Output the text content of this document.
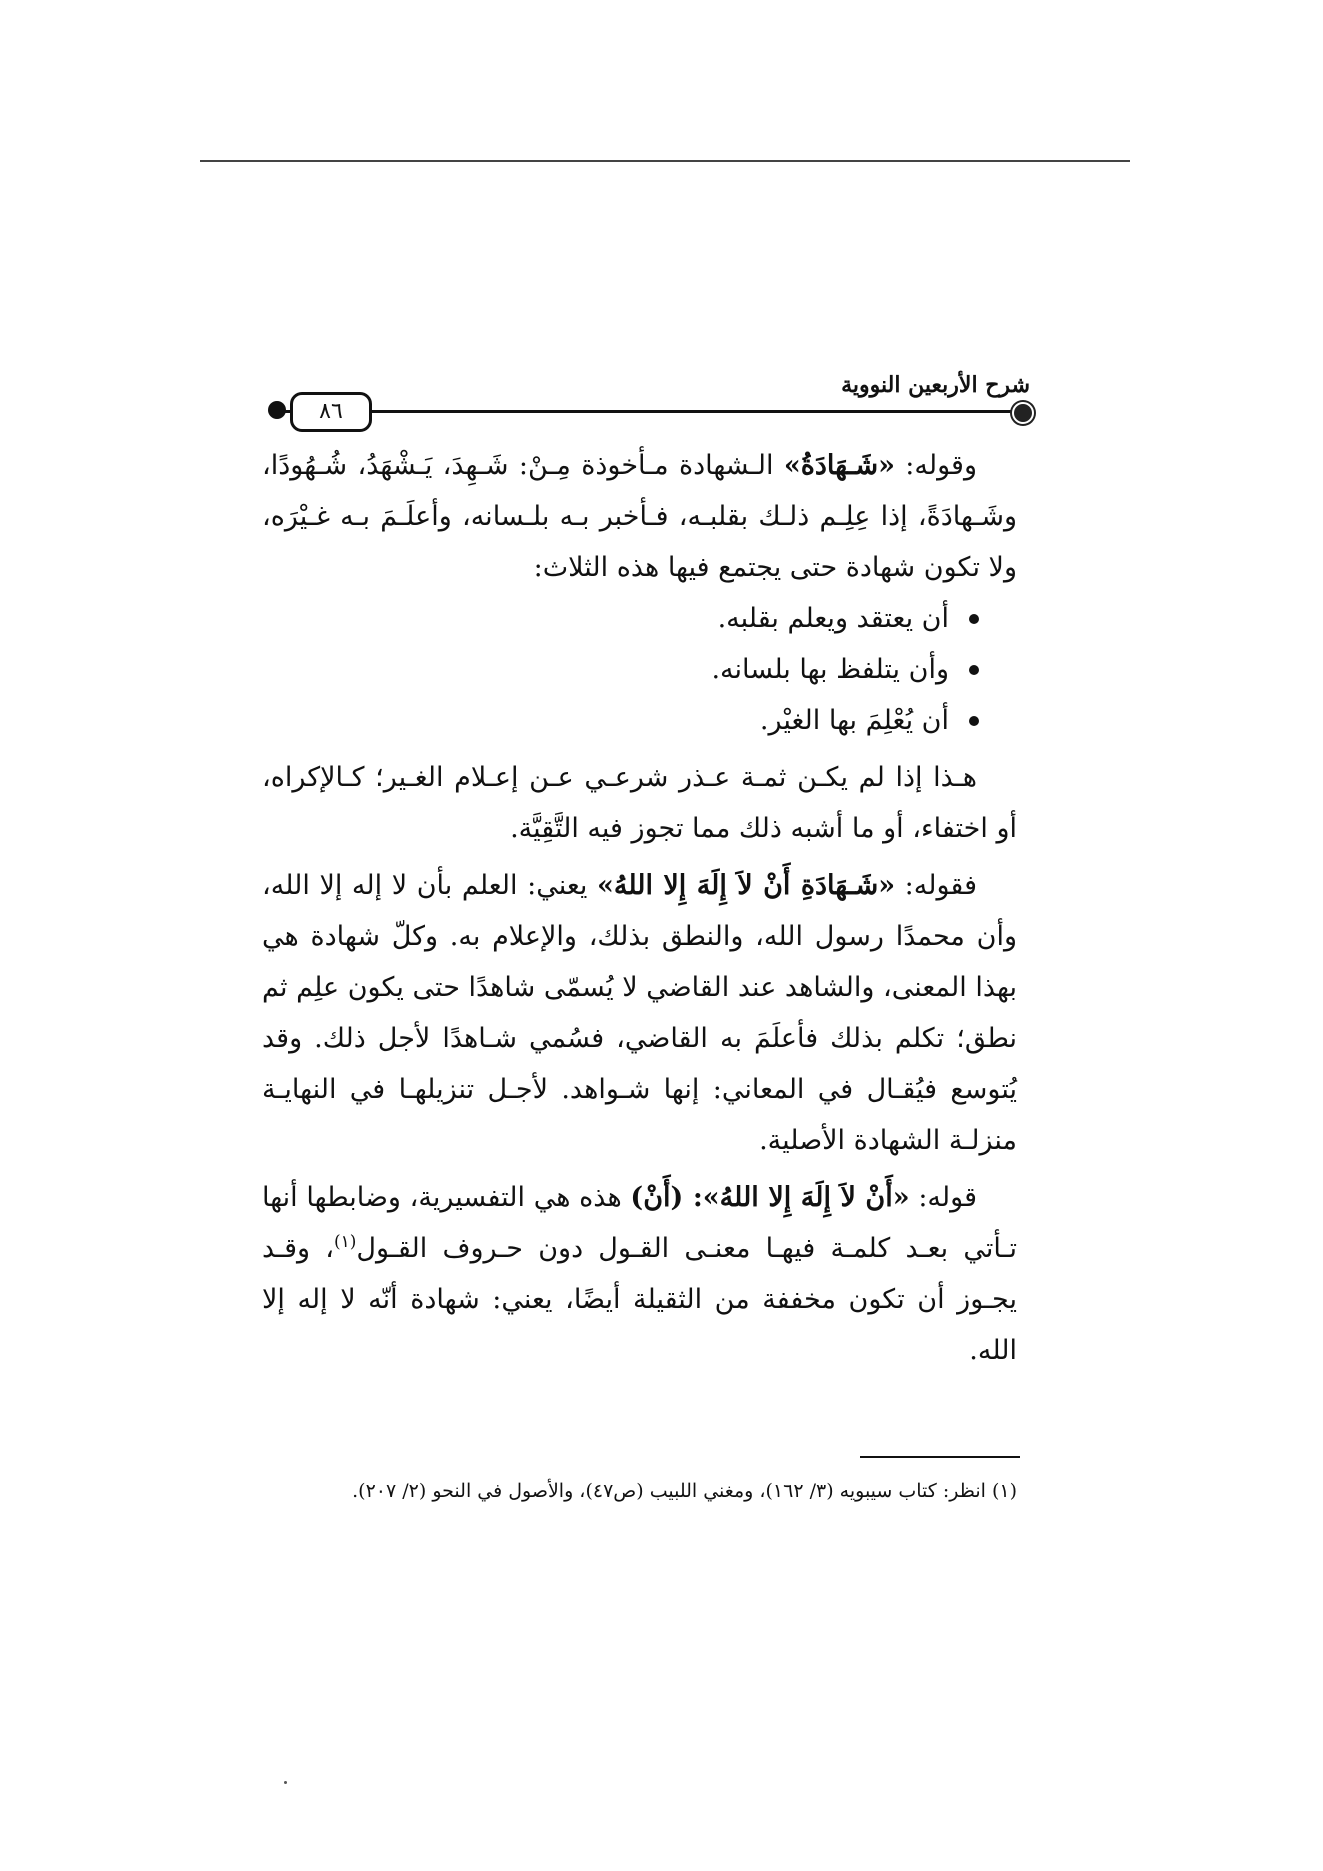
شرح الأربعين النووية
٨٦

وقوله: «شَـهَادَةُ» الـشهادة مـأخوذة مِـنْ: شَـهِدَ، يَـشْهَدُ، شُـهُودًا، وشَـهادَةً، إذا عِلِـم ذلـك بقلبـه، فـأخبر بـه بلـسانه، وأعلَـمَ بـه غـيْرَه، ولا تكون شهادة حتى يجتمع فيها هذه الثلاث:

أن يعتقد ويعلم بقلبه.
وأن يتلفظ بها بلسانه.
أن يُعْلِمَ بها الغيْر.

هـذا إذا لم يكـن ثمـة عـذر شرعـي عـن إعـلام الغـير؛ كـالإكراه، أو اختفاء، أو ما أشبه ذلك مما تجوز فيه التَّقِيَّة.

فقوله: «شَـهَادَةِ أَنْ لاَ إِلَهَ إِلا اللهُ» يعني: العلم بأن لا إله إلا الله، وأن محمدًا رسول الله، والنطق بذلك، والإعلام به. وكلّ شهادة هي بهذا المعنى، والشاهد عند القاضي لا يُسمّى شاهدًا حتى يكون علِم ثم نطق؛ تكلم بذلك فأعلَمَ به القاضي، فسُمي شـاهدًا لأجل ذلك. وقد يُتوسع فيُقـال في المعاني: إنها شـواهد. لأجـل تنزيلهـا في النهايـة منزلـة الشهادة الأصلية.

قوله: «أَنْ لاَ إِلَهَ إِلا اللهُ»: (أَنْ) هذه هي التفسيرية، وضابطها أنها تـأتي بعـد كلمـة فيهـا معنـى القـول دون حـروف القـول$^{(١)}$، وقـد يجـوز أن تكون مخففة من الثقيلة أيضًا، يعني: شهادة أنّه لا إله إلا الله.

(١) انظر: كتاب سيبويه (٣/ ١٦٢)، ومغني اللبيب (ص٤٧)، والأصول في النحو (٢/ ٢٠٧).
